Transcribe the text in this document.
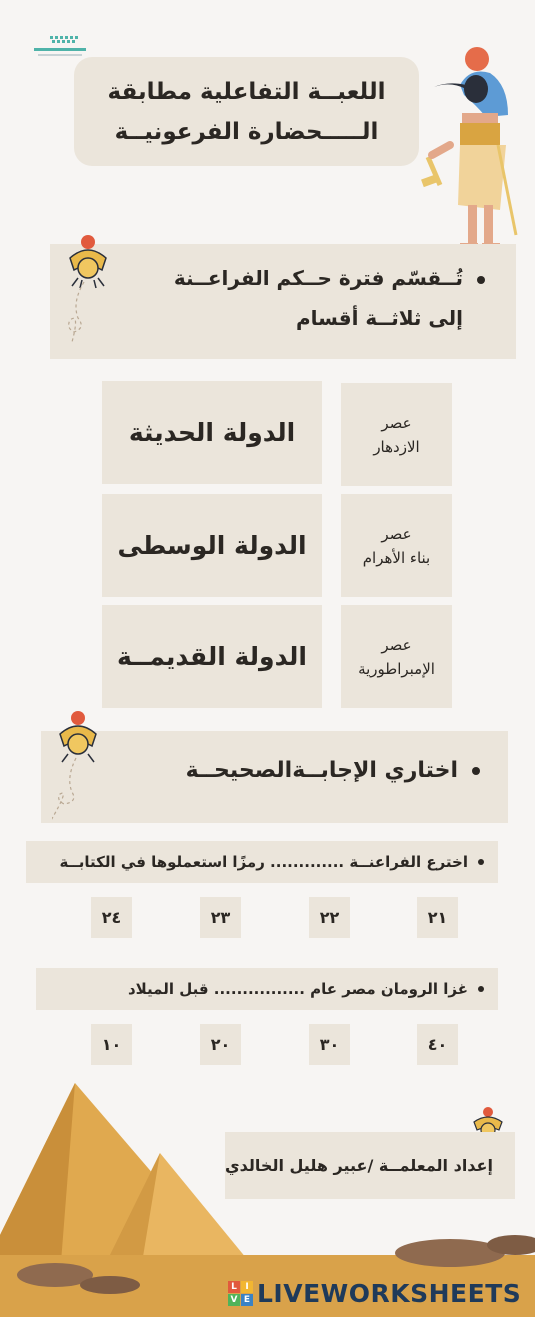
اللعبــة التفاعلية مطابقة
الـــــحضارة الفرعونيــة
تُــقسّم فترة حــكم الفراعــنة
إلى ثلاثــة أقسام
عصر
الازدهار
عصر
بناء الأهرام
عصر
الإمبراطورية
الدولة الحديثة
الدولة الوسطى
الدولة القديمــة
اختاري الإجابــةالصحيحــة
اخترع الفراعنــة ............. رمزًا استعملوها في الكتابــة
٢١
٢٢
٢٣
٢٤
غزا الرومان مصر عام ................ قبل الميلاد
٤٠
٣٠
٢٠
١٠
إعداد المعلمــة /عبير هليل الخالدي
L I
V E LIVEWORKSHEETS
